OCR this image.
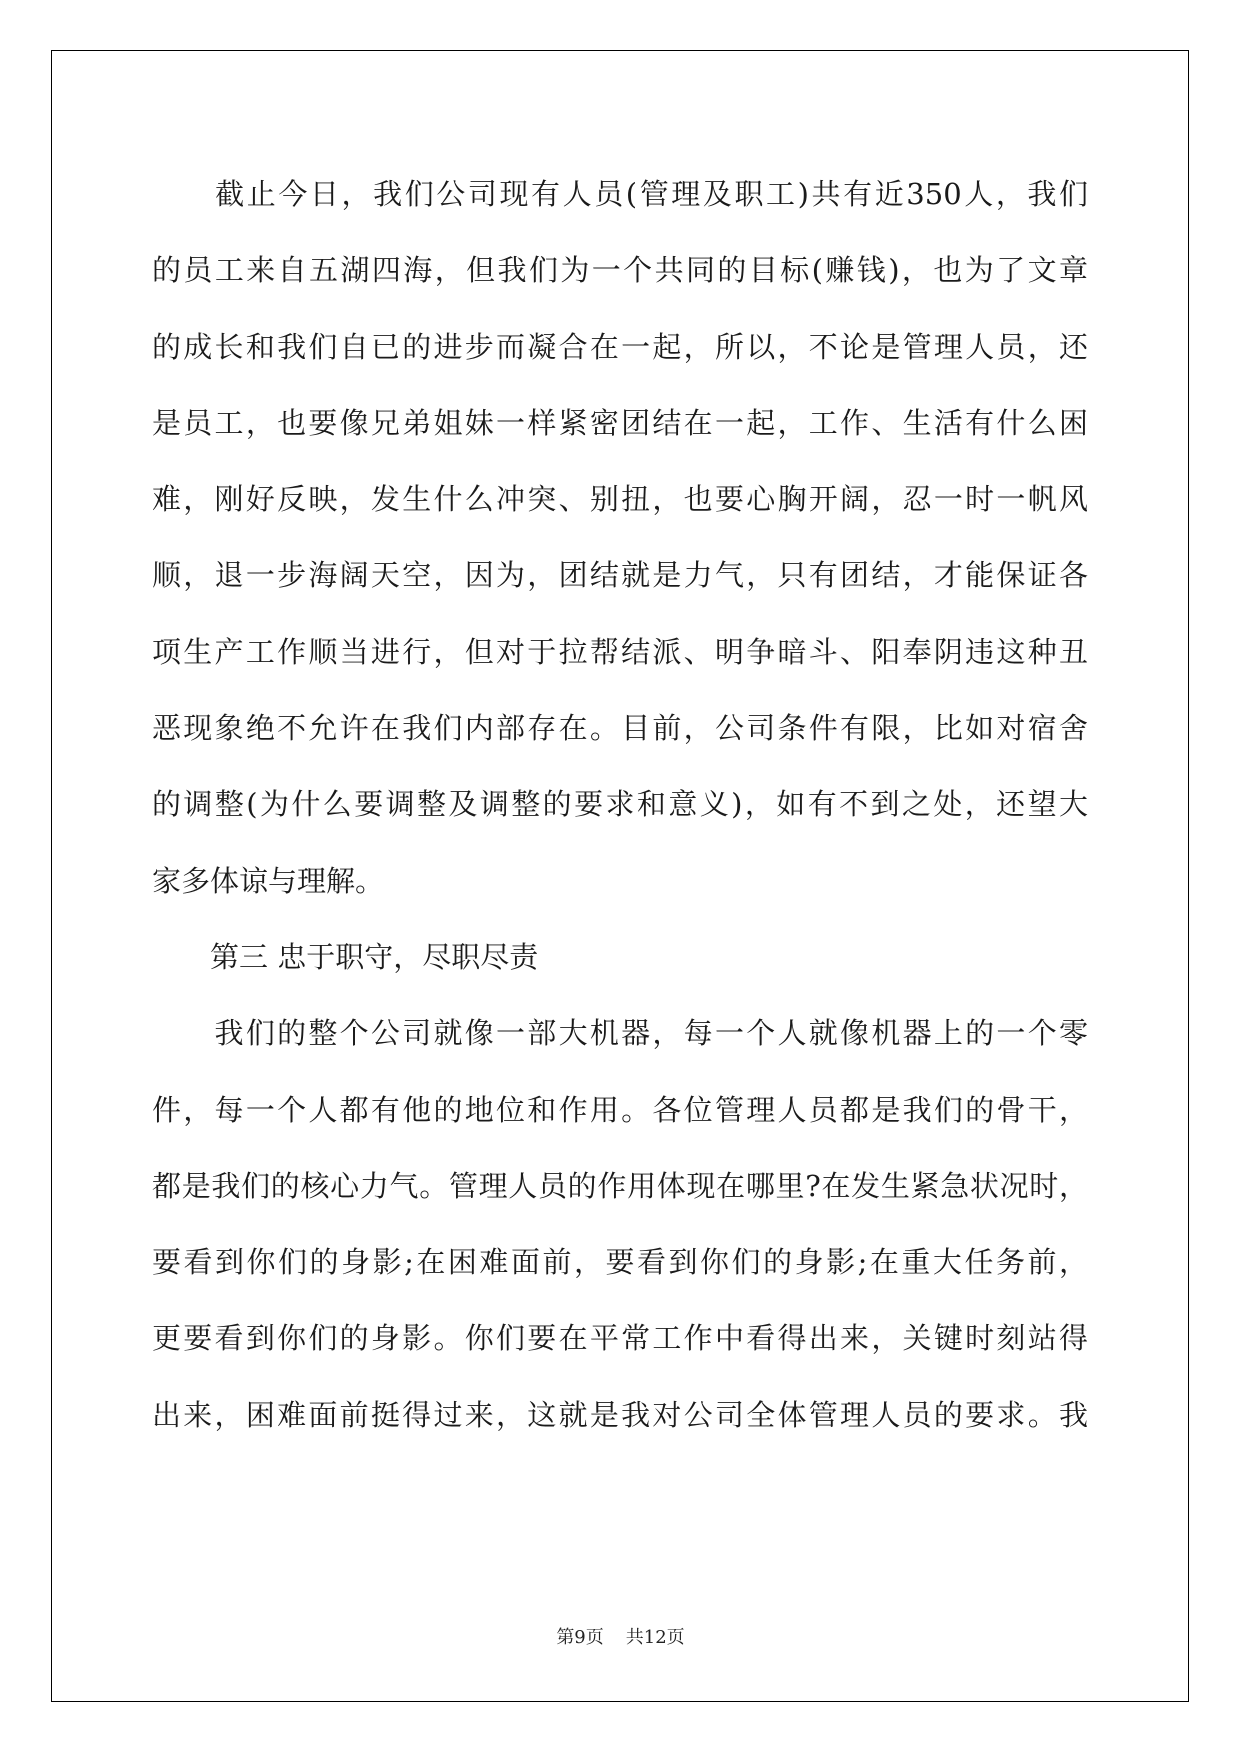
　　截止今日，我们公司现有人员(管理及职工)共有近350人，我们
的员工来自五湖四海，但我们为一个共同的目标(赚钱)，也为了文章
的成长和我们自已的进步而凝合在一起，所以，不论是管理人员，还
是员工，也要像兄弟姐妹一样紧密团结在一起，工作、生活有什么困
难，刚好反映，发生什么冲突、别扭，也要心胸开阔，忍一时一帆风
顺，退一步海阔天空，因为，团结就是力气，只有团结，才能保证各
项生产工作顺当进行，但对于拉帮结派、明争暗斗、阳奉阴违这种丑
恶现象绝不允许在我们内部存在。目前，公司条件有限，比如对宿舍
的调整(为什么要调整及调整的要求和意义)，如有不到之处，还望大
家多体谅与理解。
　　第三 忠于职守，尽职尽责
　　我们的整个公司就像一部大机器，每一个人就像机器上的一个零
件，每一个人都有他的地位和作用。各位管理人员都是我们的骨干，
都是我们的核心力气。管理人员的作用体现在哪里?在发生紧急状况时，
要看到你们的身影;在困难面前，要看到你们的身影;在重大任务前，
更要看到你们的身影。你们要在平常工作中看得出来，关键时刻站得
出来，困难面前挺得过来，这就是我对公司全体管理人员的要求。我
第9页 共12页
